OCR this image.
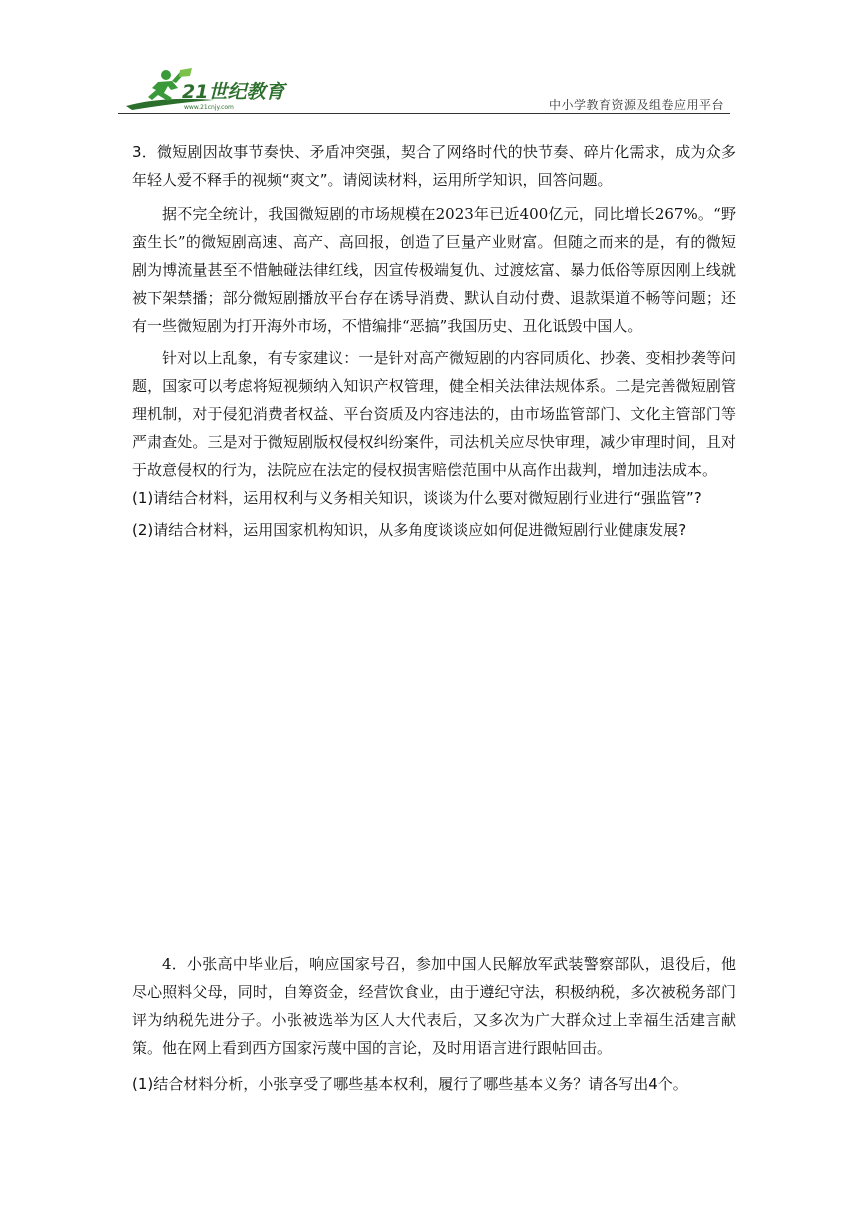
21世纪教育
www.21cnjy.com	中小学教育资源及组卷应用平台

3．微短剧因故事节奏快、矛盾冲突强，契合了网络时代的快节奏、碎片化需求，成为众多年轻人爱不释手的视频“爽文”。请阅读材料，运用所学知识，回答问题。

据不完全统计，我国微短剧的市场规模在2023年已近400亿元，同比增长267%。“野蛮生长”的微短剧高速、高产、高回报，创造了巨量产业财富。但随之而来的是，有的微短剧为博流量甚至不惜触碰法律红线，因宣传极端复仇、过渡炫富、暴力低俗等原因刚上线就被下架禁播；部分微短剧播放平台存在诱导消费、默认自动付费、退款渠道不畅等问题；还有一些微短剧为打开海外市场，不惜编排“恶搞”我国历史、丑化诋毁中国人。

针对以上乱象，有专家建议：一是针对高产微短剧的内容同质化、抄袭、变相抄袭等问题，国家可以考虑将短视频纳入知识产权管理，健全相关法律法规体系。二是完善微短剧管理机制，对于侵犯消费者权益、平台资质及内容违法的，由市场监管部门、文化主管部门等严肃查处。三是对于微短剧版权侵权纠纷案件，司法机关应尽快审理，减少审理时间，且对于故意侵权的行为，法院应在法定的侵权损害赔偿范围中从高作出裁判，增加违法成本。

(1)请结合材料，运用权利与义务相关知识，谈谈为什么要对微短剧行业进行“强监管”?

(2)请结合材料，运用国家机构知识，从多角度谈谈应如何促进微短剧行业健康发展?

4．小张高中毕业后，响应国家号召，参加中国人民解放军武装警察部队，退役后，他尽心照料父母，同时，自筹资金，经营饮食业，由于遵纪守法，积极纳税，多次被税务部门评为纳税先进分子。小张被选举为区人大代表后，又多次为广大群众过上幸福生活建言献策。他在网上看到西方国家污蔑中国的言论，及时用语言进行跟帖回击。

(1)结合材料分析，小张享受了哪些基本权利，履行了哪些基本义务？请各写出4个。
